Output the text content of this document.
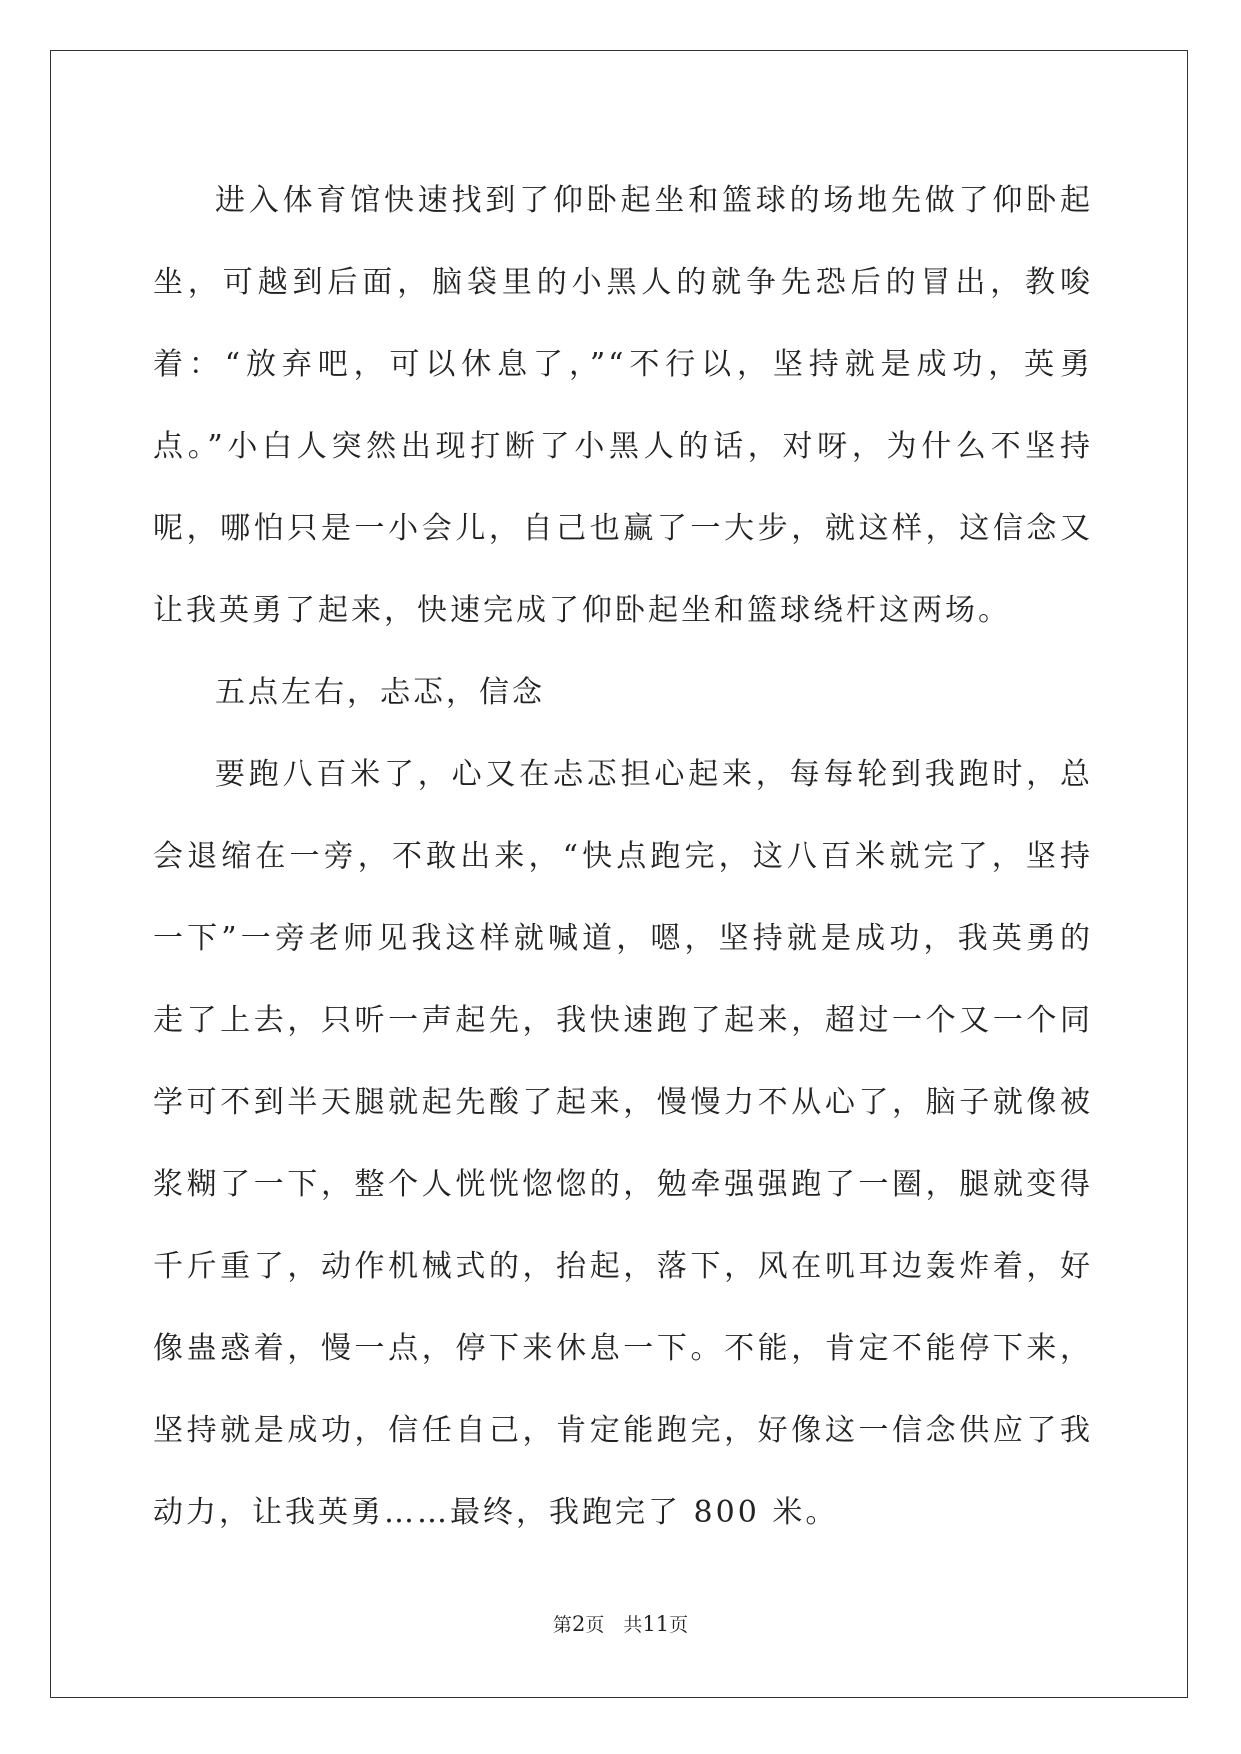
进入体育馆快速找到了仰卧起坐和篮球的场地先做了仰卧起坐，可越到后面，脑袋里的小黑人的就争先恐后的冒出，教唆着：“放弃吧，可以休息了，”“不行以，坚持就是成功，英勇点。”小白人突然出现打断了小黑人的话，对呀，为什么不坚持呢，哪怕只是一小会儿，自己也赢了一大步，就这样，这信念又让我英勇了起来，快速完成了仰卧起坐和篮球绕杆这两场。

五点左右，忐忑，信念

要跑八百米了，心又在忐忑担心起来，每每轮到我跑时，总会退缩在一旁，不敢出来，“快点跑完，这八百米就完了，坚持一下”一旁老师见我这样就喊道，嗯，坚持就是成功，我英勇的走了上去，只听一声起先，我快速跑了起来，超过一个又一个同学可不到半天腿就起先酸了起来，慢慢力不从心了，脑子就像被浆糊了一下，整个人恍恍惚惚的，勉牵强强跑了一圈，腿就变得千斤重了，动作机械式的，抬起，落下，风在叽耳边轰炸着，好像蛊惑着，慢一点，停下来休息一下。不能，肯定不能停下来，坚持就是成功，信任自己，肯定能跑完，好像这一信念供应了我动力，让我英勇……最终，我跑完了 800 米。

第2页　共11页
